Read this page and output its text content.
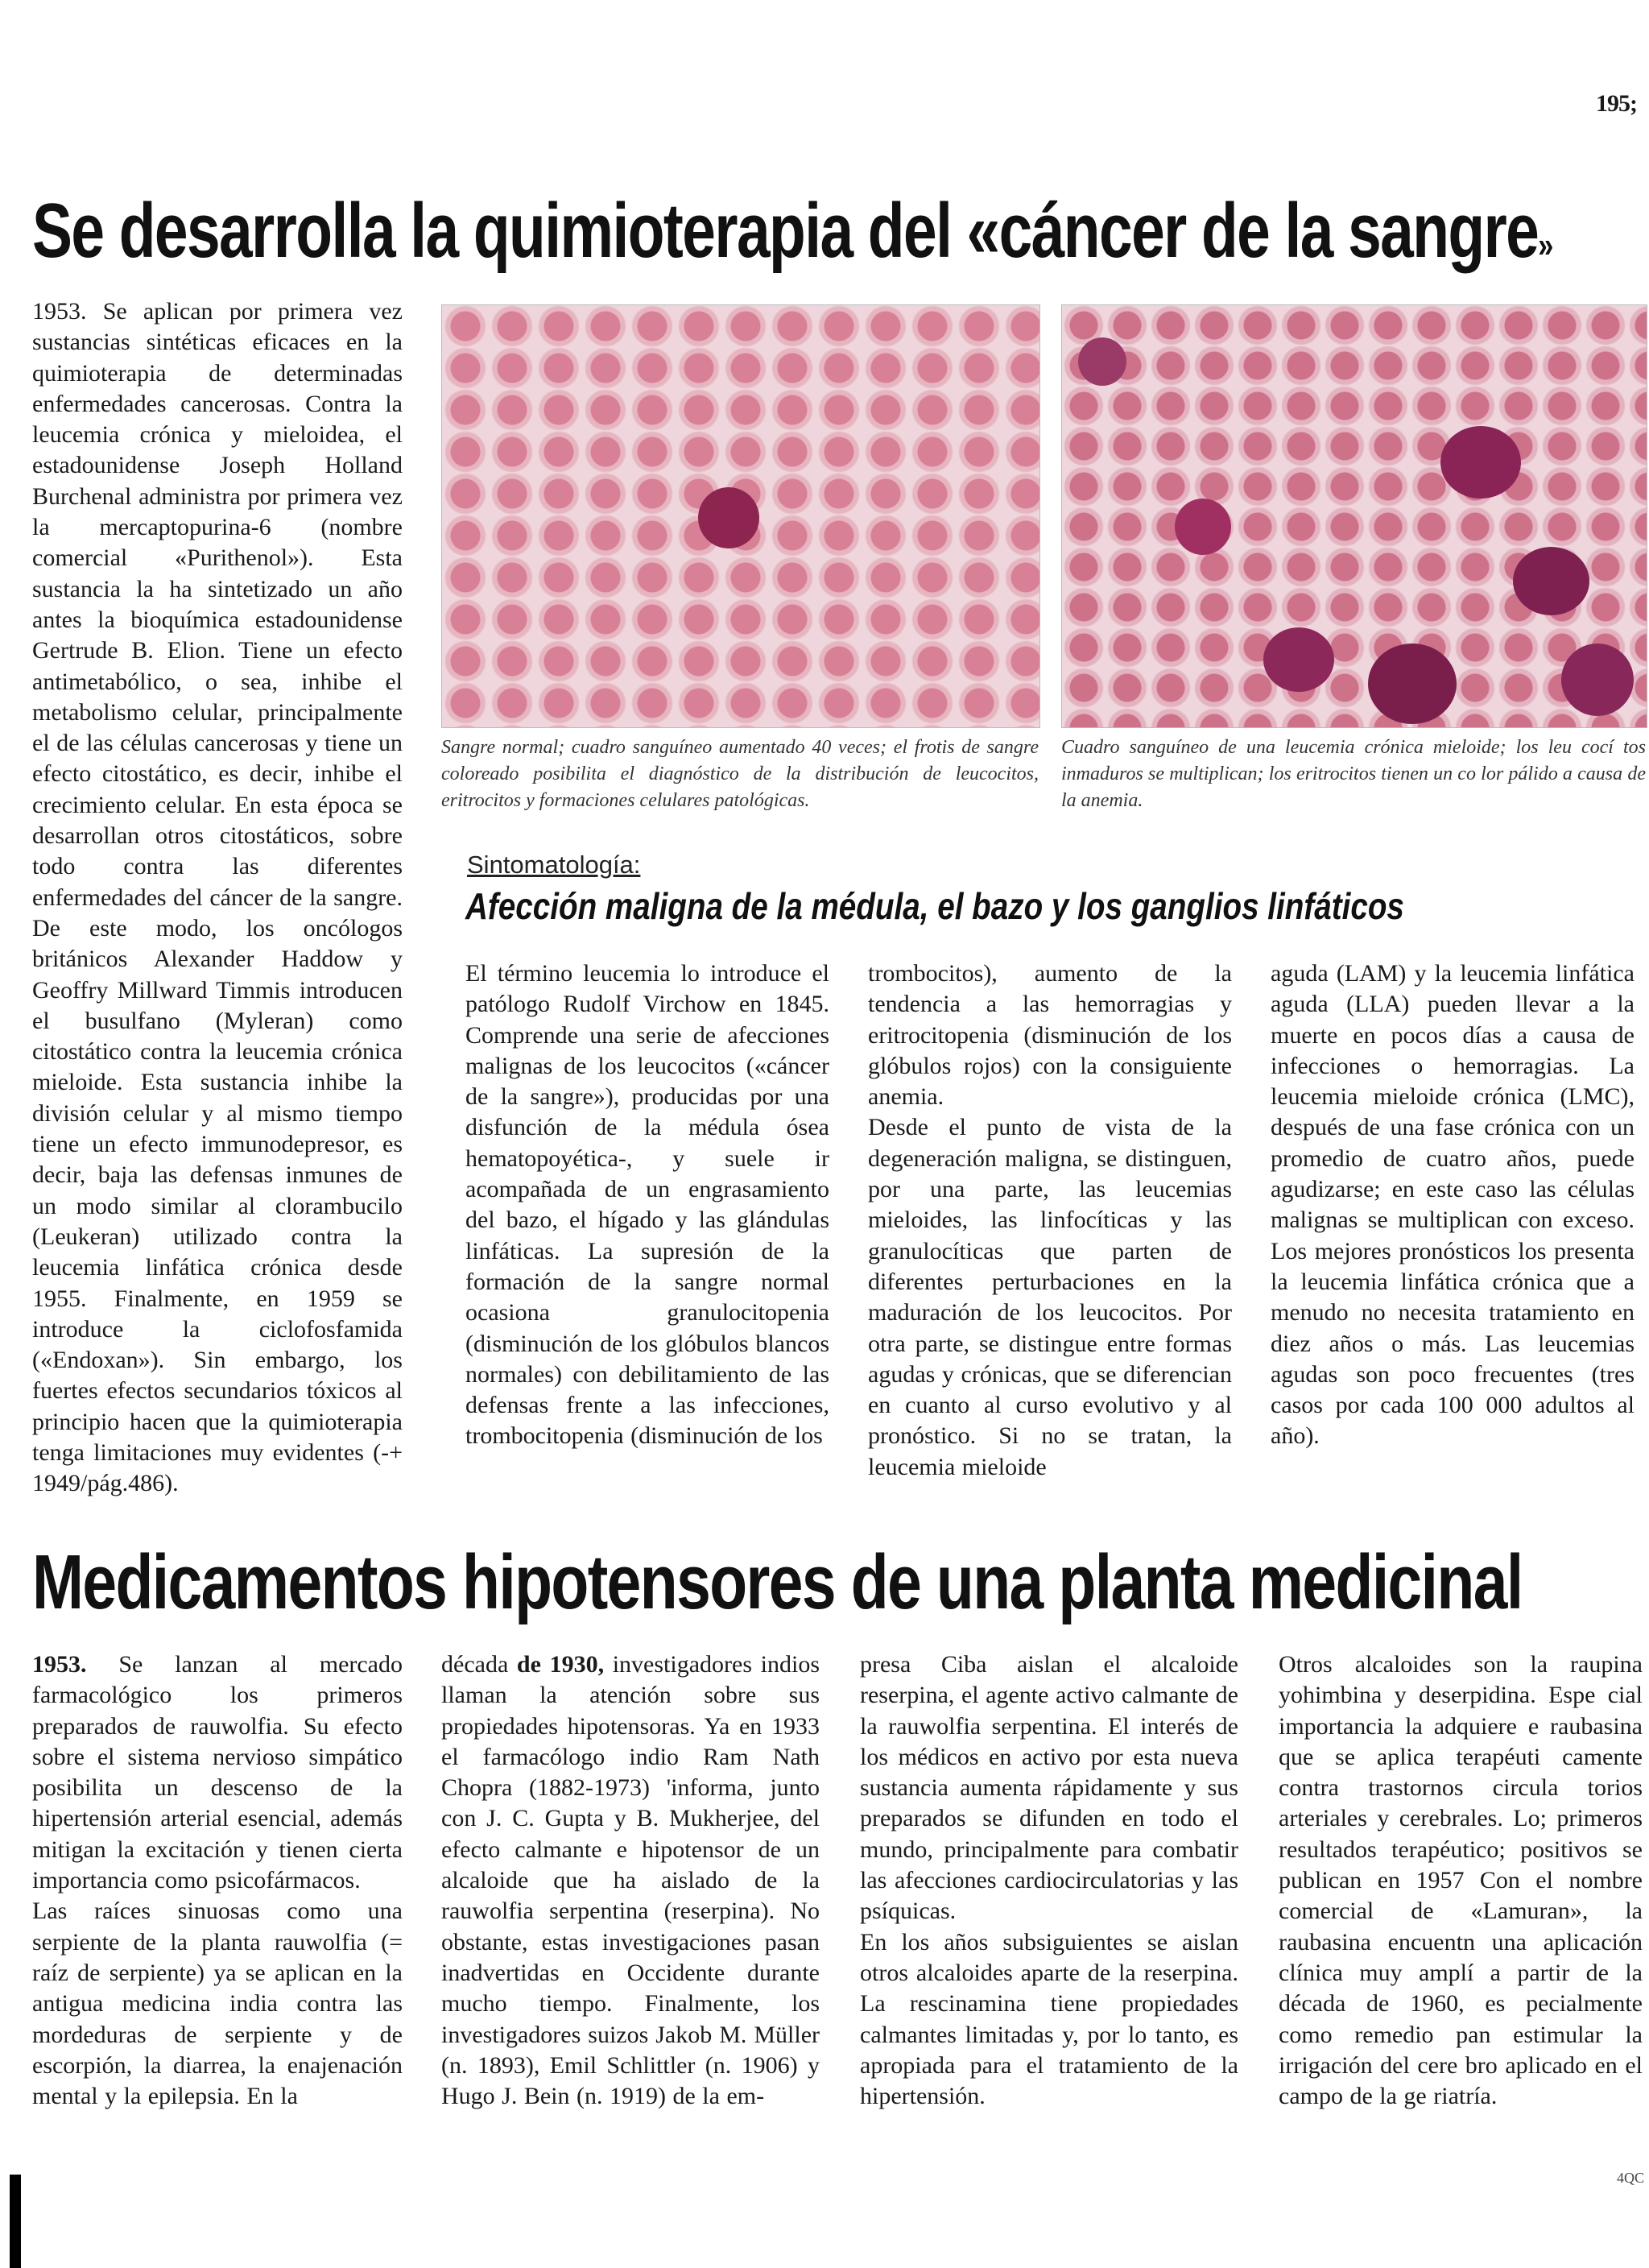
195;
Se desarrolla la quimioterapia del «cáncer de la sangre»

1953. Se aplican por primera vez sustancias sintéticas eficaces en la quimioterapia de determinadas enfermedades cancerosas. Contra la leucemia crónica y mieloidea, el estadounidense Joseph Holland Burchenal administra por primera vez la mercaptopurina-6 (nombre comercial «Purithenol»). Esta sustancia la ha sintetizado un año antes la bioquímica estadounidense Gertrude B. Elion. Tiene un efecto antimetabólico, o sea, inhibe el metabolismo celular, principalmente el de las células cancerosas y tiene un efecto citostático, es decir, inhibe el crecimiento celular. En esta época se desarrollan otros citostáticos, sobre todo contra las diferentes enfermedades del cáncer de la sangre. De este modo, los oncólogos británicos Alexander Haddow y Geoffry Millward Timmis introducen el busulfano (Myleran) como citostático contra la leucemia crónica mieloide. Esta sustancia inhibe la división celular y al mismo tiempo tiene un efecto immunodepresor, es decir, baja las defensas inmunes de un modo similar al clorambucilo (Leukeran) utilizado contra la leucemia linfática crónica desde 1955. Finalmente, en 1959 se introduce la ciclofosfamida («Endoxan»). Sin embargo, los fuertes efectos secundarios tóxicos al principio hacen que la quimioterapia tenga limitaciones muy evidentes (-+ 1949/pág.486).

Sangre normal; cuadro sanguíneo aumentado 40 veces; el frotis de sangre coloreado posibilita el diagnóstico de la distribución de leucocitos, eritrocitos y formaciones celulares patológicas.
Cuadro sanguíneo de una leucemia crónica mieloide; los leu cocí tos inmaduros se multiplican; los eritrocitos tienen un co lor pálido a causa de la anemia.
Sintomatología:
Afección maligna de la médula, el bazo y los ganglios linfáticos

El término leucemia lo introduce el patólogo Rudolf Virchow en 1845. Comprende una serie de afecciones malignas de los leucocitos («cáncer de la sangre»), producidas por una disfunción de la médula ósea hematopoyética-, y suele ir acompañada de un engrasamiento del bazo, el hígado y las glándulas linfáticas. La supresión de la formación de la sangre normal ocasiona granulocitopenia (disminución de los glóbulos blancos normales) con debilitamiento de las defensas frente a las infecciones, trombocitopenia (disminución de los

trombocitos), aumento de la tendencia a las hemorragias y eritrocitopenia (disminución de los glóbulos rojos) con la consiguiente anemia.

Desde el punto de vista de la degeneración maligna, se distinguen, por una parte, las leucemias mieloides, las linfocíticas y las granulocíticas que parten de diferentes perturbaciones en la maduración de los leucocitos. Por otra parte, se distingue entre formas agudas y crónicas, que se diferencian en cuanto al curso evolutivo y al pronóstico. Si no se tratan, la leucemia mieloide

aguda (LAM) y la leucemia linfática aguda (LLA) pueden llevar a la muerte en pocos días a causa de infecciones o hemorragias. La leucemia mieloide crónica (LMC), después de una fase crónica con un promedio de cuatro años, puede agudizarse; en este caso las células malignas se multiplican con exceso. Los mejores pronósticos los presenta la leucemia linfática crónica que a menudo no necesita tratamiento en diez años o más. Las leucemias agudas son poco frecuentes (tres casos por cada 100 000 adultos al año).

Medicamentos hipotensores de una planta medicinal

1953. Se lanzan al mercado farmacológico los primeros preparados de rauwolfia. Su efecto sobre el sistema nervioso simpático posibilita un descenso de la hipertensión arterial esencial, además mitigan la excitación y tienen cierta importancia como psicofármacos.

Las raíces sinuosas como una serpiente de la planta rauwolfia (= raíz de serpiente) ya se aplican en la antigua medicina india contra las mordeduras de serpiente y de escorpión, la diarrea, la enajenación mental y la epilepsia. En la

década de 1930, investigadores indios llaman la atención sobre sus propiedades hipotensoras. Ya en 1933 el farmacólogo indio Ram Nath Chopra (1882-1973) 'informa, junto con J. C. Gupta y B. Mukherjee, del efecto calmante e hipotensor de un alcaloide que ha aislado de la rauwolfia serpentina (reserpina). No obstante, estas investigaciones pasan inadvertidas en Occidente durante mucho tiempo. Finalmente, los investigadores suizos Jakob M. Müller (n. 1893), Emil Schlittler (n. 1906) y Hugo J. Bein (n. 1919) de la em-

presa Ciba aislan el alcaloide reserpina, el agente activo calmante de la rauwolfia serpentina. El interés de los médicos en activo por esta nueva sustancia aumenta rápidamente y sus preparados se difunden en todo el mundo, principalmente para combatir las afecciones cardiocirculatorias y las psíquicas.

En los años subsiguientes se aislan otros alcaloides aparte de la reserpina. La rescinamina tiene propiedades calmantes limitadas y, por lo tanto, es apropiada para el tratamiento de la hipertensión.

Otros alcaloides son la raupina yohimbina y deserpidina. Espe cial importancia la adquiere e raubasina que se aplica terapéuti camente contra trastornos circula torios arteriales y cerebrales. Lo; primeros resultados terapéutico; positivos se publican en 1957 Con el nombre comercial de «Lamuran», la raubasina encuentn una aplicación clínica muy amplí a partir de la década de 1960, es pecialmente como remedio pan estimular la irrigación del cere bro aplicado en el campo de la ge riatría.

4QC
